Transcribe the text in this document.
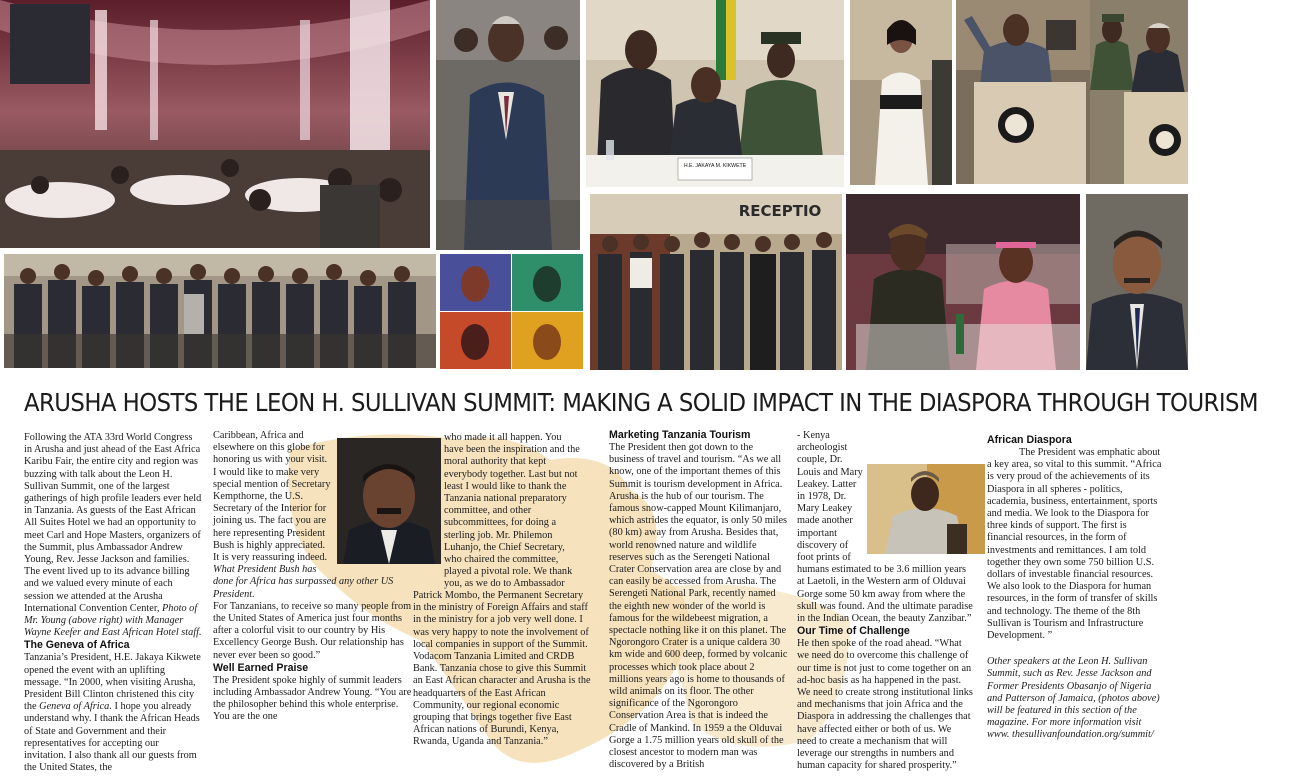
H.E. JAKAYA M. KIKWETE
RECEPTIO
ARUSHA HOSTS THE LEON H. SULLIVAN SUMMIT: MAKING A SOLID IMPACT IN THE DIASPORA THROUGH TOURISM

Following the ATA 33rd World Congress in Arusha and just ahead of the East Africa Karibu Fair, the entire city and region was buzzing with talk about the Leon H. Sullivan Summit, one of the largest gatherings of high profile leaders ever held in Tanzania. As guests of the East African All Suites Hotel we had an opportunity to meet Carl and Hope Masters, organizers of the Summit, plus Ambassador Andrew Young, Rev. Jesse Jackson and families. The event lived up to its advance billing and we valued every minute of each session we attended at the Arusha International Convention Center, Photo of Mr. Young (above right) with Manager Wayne Keefer and East African Hotel staff.

The Geneva of Africa

Tanzania’s President, H.E. Jakaya Kikwete opened the event with an uplifting message. “In 2000, when visiting Arusha, President Bill Clinton christened this city the Geneva of Africa. I hope you already understand why. I thank the African Heads of State and Government and their representatives for accepting our invitation. I also thank all our guests from the United States, the

Caribbean, Africa and elsewhere on this globe for honoring us with your visit. I would like to make very special mention of Secretary Kempthorne, the U.S. Secretary of the Interior for joining us. The fact you are here representing President Bush is highly appreciated. It is very reassuring indeed.
What President Bush has done for Africa has surpassed any other US President.

For Tanzanians, to receive so many people from the United States of America just four months after a colorful visit to our country by His Excellency George Bush. Our relationship has never ever been so good.”

Well Earned Praise

The President spoke highly of summit leaders including Ambassador Andrew Young. “You are the philosopher behind this whole enterprise. You are the one

who made it all happen. You have been the inspiration and the moral authority that kept everybody together. Last but not least I would like to thank the Tanzania national preparatory committee, and other subcommittees, for doing a sterling job. Mr. Philemon Luhanjo, the Chief Secretary, who chaired the committee, played a pivotal role. We thank you, as we do to Ambassador

Patrick Mombo, the Permanent Secretary in the ministry of Foreign Affairs and staff in the ministry for a job very well done. I was very happy to note the involvement of local companies in support of the Summit. Vodacom Tanzania Limited and CRDB Bank. Tanzania chose to give this Summit an East African character and Arusha is the headquarters of the East African Community, our regional economic grouping that brings together five East African nations of Burundi, Kenya, Rwanda, Uganda and Tanzania.”

Marketing Tanzania Tourism

The President then got down to the business of travel and tourism. “As we all know, one of the important themes of this Summit is tourism development in Africa. Arusha is the hub of our tourism. The famous snow-capped Mount Kilimanjaro, which astrides the equator, is only 50 miles (80 km) away from Arusha. Besides that, world renowned nature and wildlife reserves such as the Serengeti National Crater Conservation area are close by and can easily be accessed from Arusha. The Serengeti National Park, recently named the eighth new wonder of the world is famous for the wildebeest migration, a spectacle nothing like it on this planet. The Ngorongoro Crater is a unique caldera 30 km wide and 600 deep, formed by volcanic processes which took place about 2 millions years ago is home to thousands of wild animals on its floor. The other significance of the Ngorongoro Conservation Area is that is indeed the Cradle of Mankind. In 1959 a the Olduvai Gorge a 1.75 million years old skull of the closest ancestor to modern man was discovered by a British

- Kenya archeologist couple, Dr. Louis and Mary Leakey. Latter in 1978, Dr. Mary Leakey made another important discovery of foot prints of humans estimated to be 3.6 million years at Laetoli, in the Western arm of Olduvai Gorge some 50 km away from where the skull was found. And the ultimate paradise in the Indian Ocean, the beauty Zanzibar.”

Our Time of Challenge

He then spoke of the road ahead. “What we need do to overcome this challenge of our time is not just to come together on an ad-hoc basis as ha happened in the past. We need to create strong institutional links and mechanisms that join Africa and the Diaspora in addressing the challenges that have affected either or both of us. We need to create a mechanism that will leverage our strengths in numbers and human capacity for shared prosperity.”

African Diaspora

The President was emphatic about a key area, so vital to this summit. “Africa is very proud of the achievements of its Diaspora in all spheres - politics, academia, business, entertainment, sports and media. We look to the Diaspora for three kinds of support. The first is financial resources, in the form of investments and remittances. I am told together they own some 750 billion U.S. dollars of investable financial resources. We also look to the Diaspora for human resources, in the form of transfer of skills and technology. The theme of the 8th Sullivan is Tourism and Infrastructure Development. ”

Other speakers at the Leon H. Sullivan Summit, such as Rev. Jesse Jackson and Former Presidents Obasanjo of Nigeria and Patterson of Jamaica, (photos above) will be featured in this section of the magazine. For more information visit www. thesullivanfoundation.org/summit/
